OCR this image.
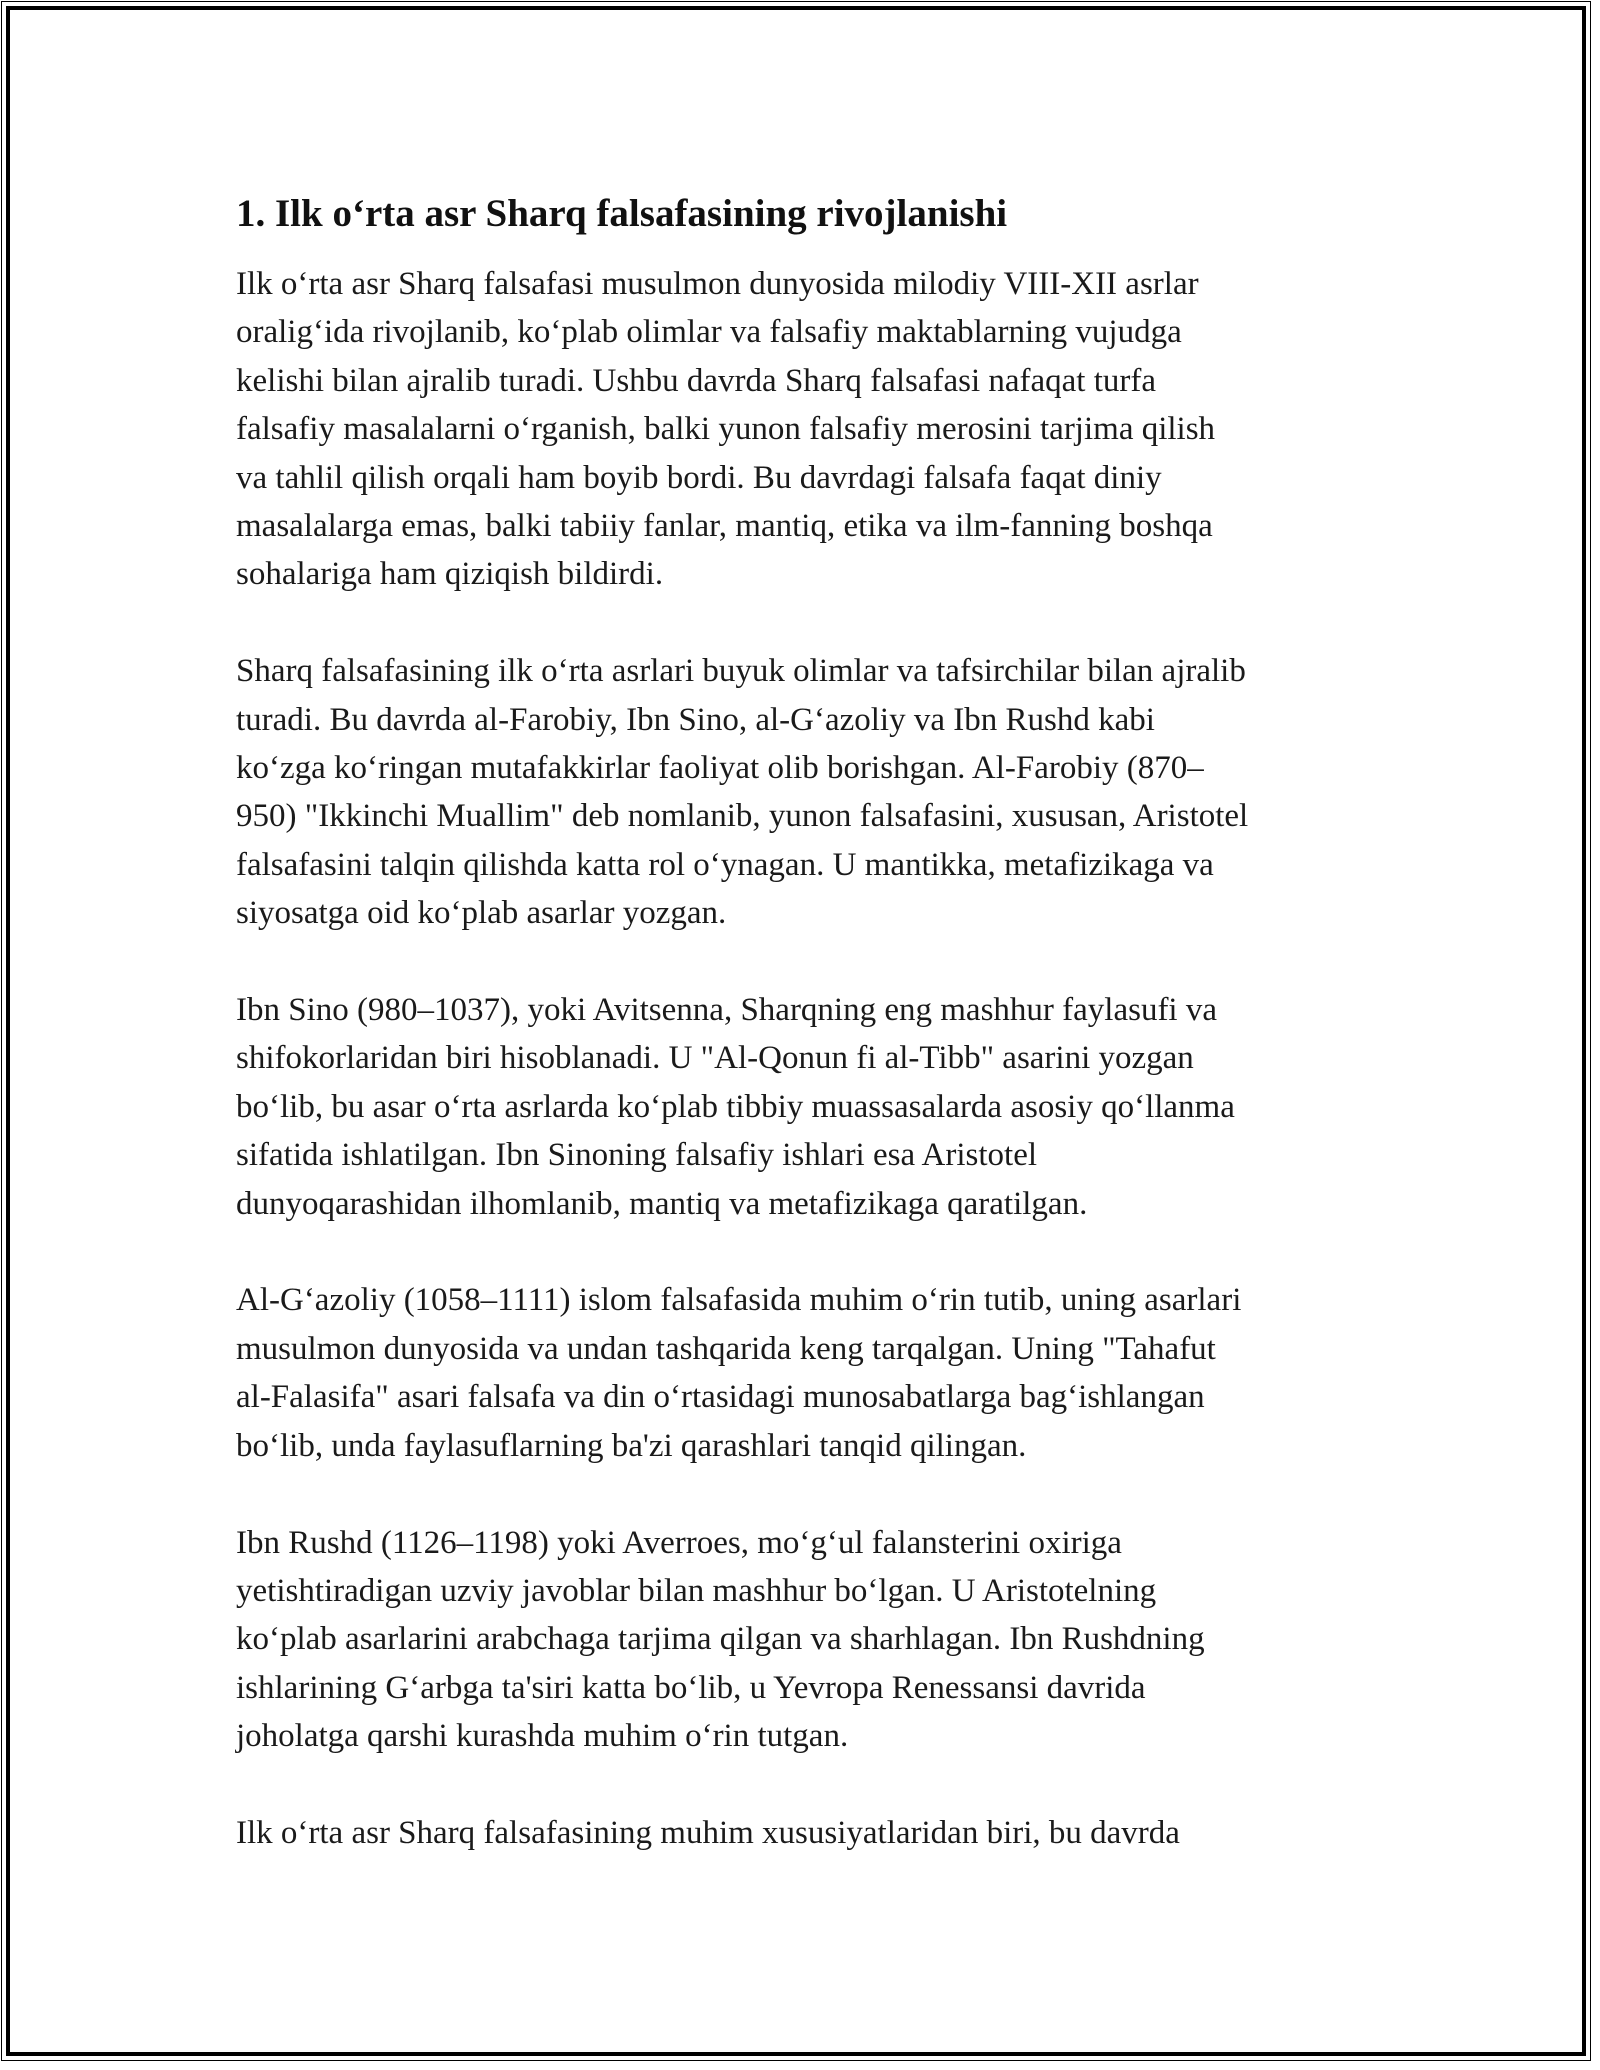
1. Ilk o‘rta asr Sharq falsafasining rivojlanishi

Ilk o‘rta asr Sharq falsafasi musulmon dunyosida milodiy VIII-XII asrlar
oralig‘ida rivojlanib, ko‘plab olimlar va falsafiy maktablarning vujudga
kelishi bilan ajralib turadi. Ushbu davrda Sharq falsafasi nafaqat turfa
falsafiy masalalarni o‘rganish, balki yunon falsafiy merosini tarjima qilish
va tahlil qilish orqali ham boyib bordi. Bu davrdagi falsafa faqat diniy
masalalarga emas, balki tabiiy fanlar, mantiq, etika va ilm-fanning boshqa
sohalariga ham qiziqish bildirdi.

Sharq falsafasining ilk o‘rta asrlari buyuk olimlar va tafsirchilar bilan ajralib
turadi. Bu davrda al-Farobiy, Ibn Sino, al-G‘azoliy va Ibn Rushd kabi
ko‘zga ko‘ringan mutafakkirlar faoliyat olib borishgan. Al-Farobiy (870–
950) "Ikkinchi Muallim" deb nomlanib, yunon falsafasini, xususan, Aristotel
falsafasini talqin qilishda katta rol o‘ynagan. U mantikka, metafizikaga va
siyosatga oid ko‘plab asarlar yozgan.

Ibn Sino (980–1037), yoki Avitsenna, Sharqning eng mashhur faylasufi va
shifokorlaridan biri hisoblanadi. U "Al-Qonun fi al-Tibb" asarini yozgan
bo‘lib, bu asar o‘rta asrlarda ko‘plab tibbiy muassasalarda asosiy qo‘llanma
sifatida ishlatilgan. Ibn Sinoning falsafiy ishlari esa Aristotel
dunyoqarashidan ilhomlanib, mantiq va metafizikaga qaratilgan.

Al-G‘azoliy (1058–1111) islom falsafasida muhim o‘rin tutib, uning asarlari
musulmon dunyosida va undan tashqarida keng tarqalgan. Uning "Tahafut
al-Falasifa" asari falsafa va din o‘rtasidagi munosabatlarga bag‘ishlangan
bo‘lib, unda faylasuflarning ba'zi qarashlari tanqid qilingan.

Ibn Rushd (1126–1198) yoki Averroes, mo‘g‘ul falansterini oxiriga
yetishtiradigan uzviy javoblar bilan mashhur bo‘lgan. U Aristotelning
ko‘plab asarlarini arabchaga tarjima qilgan va sharhlagan. Ibn Rushdning
ishlarining G‘arbga ta'siri katta bo‘lib, u Yevropa Renessansi davrida
joholatga qarshi kurashda muhim o‘rin tutgan.

Ilk o‘rta asr Sharq falsafasining muhim xususiyatlaridan biri, bu davrda
